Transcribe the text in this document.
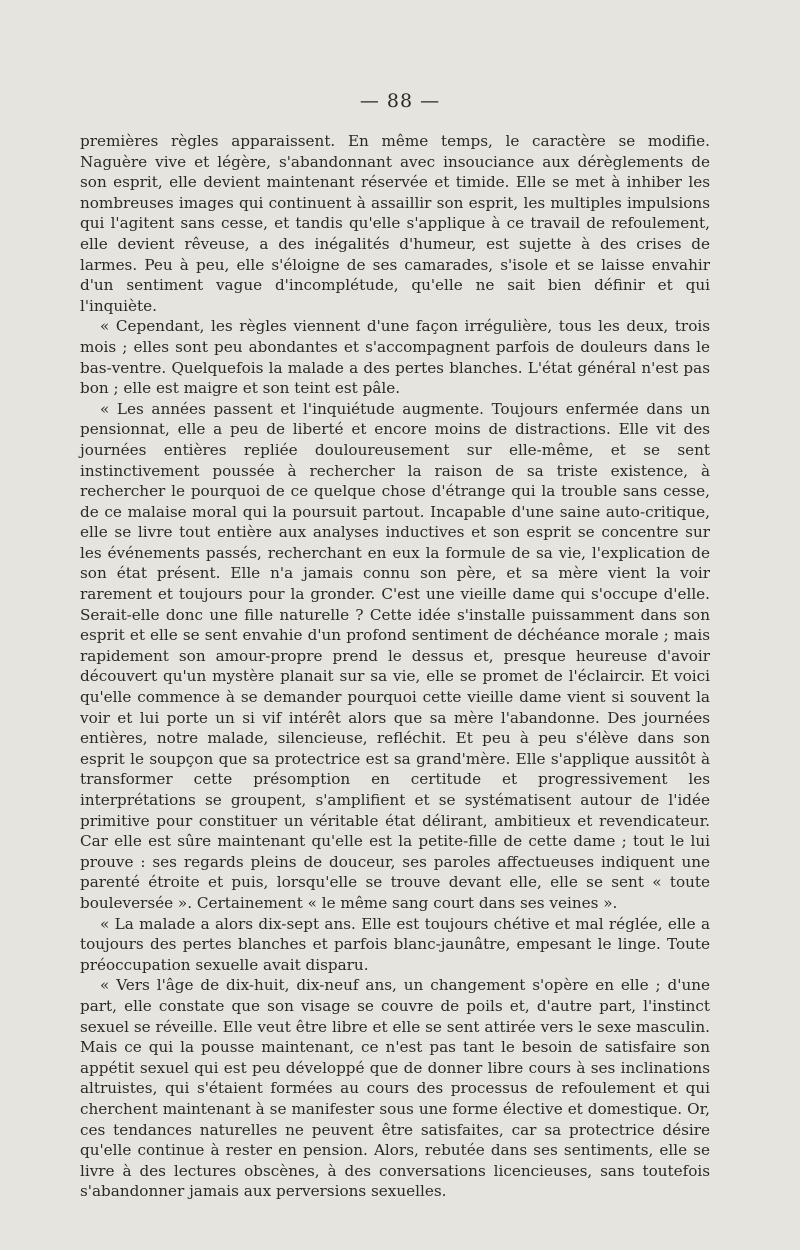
— 88 —

premières règles apparaissent. En même temps, le caractère se modifie. Naguère vive et légère, s'abandonnant avec insouciance aux dérèglements de son esprit, elle devient maintenant réservée et timide. Elle se met à inhiber les nombreuses images qui continuent à assaillir son esprit, les multiples impulsions qui l'agitent sans cesse, et tandis qu'elle s'applique à ce travail de refoulement, elle devient rêveuse, a des inégalités d'humeur, est sujette à des crises de larmes. Peu à peu, elle s'éloigne de ses camarades, s'isole et se laisse envahir d'un sentiment vague d'incomplétude, qu'elle ne sait bien définir et qui l'inquiète.

« Cependant, les règles viennent d'une façon irrégulière, tous les deux, trois mois ; elles sont peu abondantes et s'accompagnent parfois de douleurs dans le bas-ventre. Quelquefois la malade a des pertes blanches. L'état général n'est pas bon ; elle est maigre et son teint est pâle.

« Les années passent et l'inquiétude augmente. Toujours enfermée dans un pensionnat, elle a peu de liberté et encore moins de distractions. Elle vit des journées entières repliée douloureusement sur elle-même, et se sent instinctivement poussée à rechercher la raison de sa triste existence, à rechercher le pourquoi de ce quelque chose d'étrange qui la trouble sans cesse, de ce malaise moral qui la poursuit partout. Incapable d'une saine auto-critique, elle se livre tout entière aux analyses inductives et son esprit se concentre sur les événements passés, recherchant en eux la formule de sa vie, l'explication de son état présent. Elle n'a jamais connu son père, et sa mère vient la voir rarement et toujours pour la gronder. C'est une vieille dame qui s'occupe d'elle. Serait-elle donc une fille naturelle ? Cette idée s'installe puissamment dans son esprit et elle se sent envahie d'un profond sentiment de déchéance morale ; mais rapidement son amour-propre prend le dessus et, presque heureuse d'avoir découvert qu'un mystère planait sur sa vie, elle se promet de l'éclaircir. Et voici qu'elle commence à se demander pourquoi cette vieille dame vient si souvent la voir et lui porte un si vif intérêt alors que sa mère l'abandonne. Des journées entières, notre malade, silencieuse, refléchit. Et peu à peu s'élève dans son esprit le soupçon que sa protectrice est sa grand'mère. Elle s'applique aussitôt à transformer cette présomption en certitude et progressivement les interprétations se groupent, s'amplifient et se systématisent autour de l'idée primitive pour constituer un véritable état délirant, ambitieux et revendicateur. Car elle est sûre maintenant qu'elle est la petite-fille de cette dame ; tout le lui prouve : ses regards pleins de douceur, ses paroles affectueuses indiquent une parenté étroite et puis, lorsqu'elle se trouve devant elle, elle se sent « toute bouleversée ». Certainement « le même sang court dans ses veines ».

« La malade a alors dix-sept ans. Elle est toujours chétive et mal réglée, elle a toujours des pertes blanches et parfois blanc-jaunâtre, empesant le linge. Toute préoccupation sexuelle avait disparu.

« Vers l'âge de dix-huit, dix-neuf ans, un changement s'opère en elle ; d'une part, elle constate que son visage se couvre de poils et, d'autre part, l'instinct sexuel se réveille. Elle veut être libre et elle se sent attirée vers le sexe masculin. Mais ce qui la pousse maintenant, ce n'est pas tant le besoin de satisfaire son appétit sexuel qui est peu développé que de donner libre cours à ses inclinations altruistes, qui s'étaient formées au cours des processus de refoulement et qui cherchent maintenant à se manifester sous une forme élective et domestique. Or, ces tendances naturelles ne peuvent être satisfaites, car sa protectrice désire qu'elle continue à rester en pension. Alors, rebutée dans ses sentiments, elle se livre à des lectures obscènes, à des conversations licencieuses, sans toutefois s'abandonner jamais aux perversions sexuelles.
